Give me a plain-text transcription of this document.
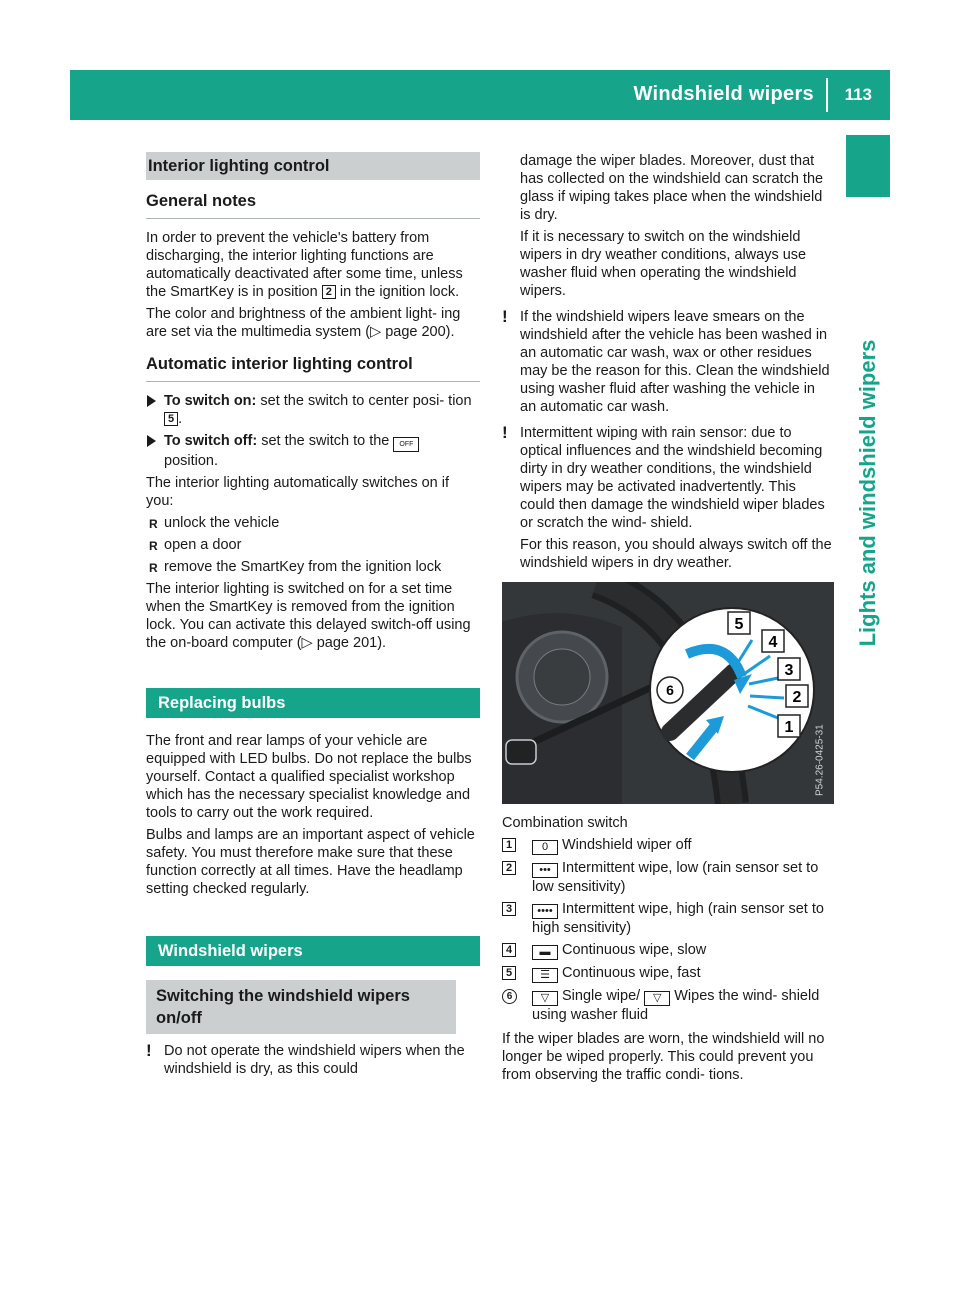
Windshield wipers 113
Lights and windshield wipers
Interior lighting control
General notes

In order to prevent the vehicle's battery from discharging, the interior lighting functions are automatically deactivated after some time, unless the SmartKey is in position 2 in the ignition lock.

The color and brightness of the ambient light- ing are set via the multimedia system (▷ page 200).

Automatic interior lighting control
To switch on: set the switch to center posi- tion 5 .
To switch off: set the switch to the OFF position.

The interior lighting automatically switches on if you:

R unlock the vehicle
R open a door
R remove the SmartKey from the ignition lock

The interior lighting is switched on for a set time when the SmartKey is removed from the ignition lock. You can activate this delayed switch-off using the on-board computer (▷ page 201).

Replacing bulbs

The front and rear lamps of your vehicle are equipped with LED bulbs. Do not replace the bulbs yourself. Contact a qualified specialist workshop which has the necessary specialist knowledge and tools to carry out the work required.

Bulbs and lamps are an important aspect of vehicle safety. You must therefore make sure that these function correctly at all times. Have the headlamp setting checked regularly.

Windshield wipers
Switching the windshield wipers on/off
! Do not operate the windshield wipers when the windshield is dry, as this could

damage the wiper blades. Moreover, dust that has collected on the windshield can scratch the glass if wiping takes place when the windshield is dry.

If it is necessary to switch on the windshield wipers in dry weather conditions, always use washer fluid when operating the windshield wipers.

! If the windshield wipers leave smears on the windshield after the vehicle has been washed in an automatic car wash, wax or other residues may be the reason for this. Clean the windshield using washer fluid after washing the vehicle in an automatic car wash.
! Intermittent wiping with rain sensor: due to optical influences and the windshield becoming dirty in dry weather conditions, the windshield wipers may be activated inadvertently. This could then damage the windshield wiper blades or scratch the wind- shield.

For this reason, you should always switch off the windshield wipers in dry weather.

5
4
3
2
1
6
P54.26-0425-31

Combination switch

1	0 Windshield wiper off
2	••• Intermittent wipe, low (rain sensor set to low sensitivity)
3	•••• Intermittent wipe, high (rain sensor set to high sensitivity)
4	▬ Continuous wipe, slow
5	☰ Continuous wipe, fast
6	▽ Single wipe/ ▽ Wipes the wind- shield using washer fluid

If the wiper blades are worn, the windshield will no longer be wiped properly. This could prevent you from observing the traffic condi- tions.
